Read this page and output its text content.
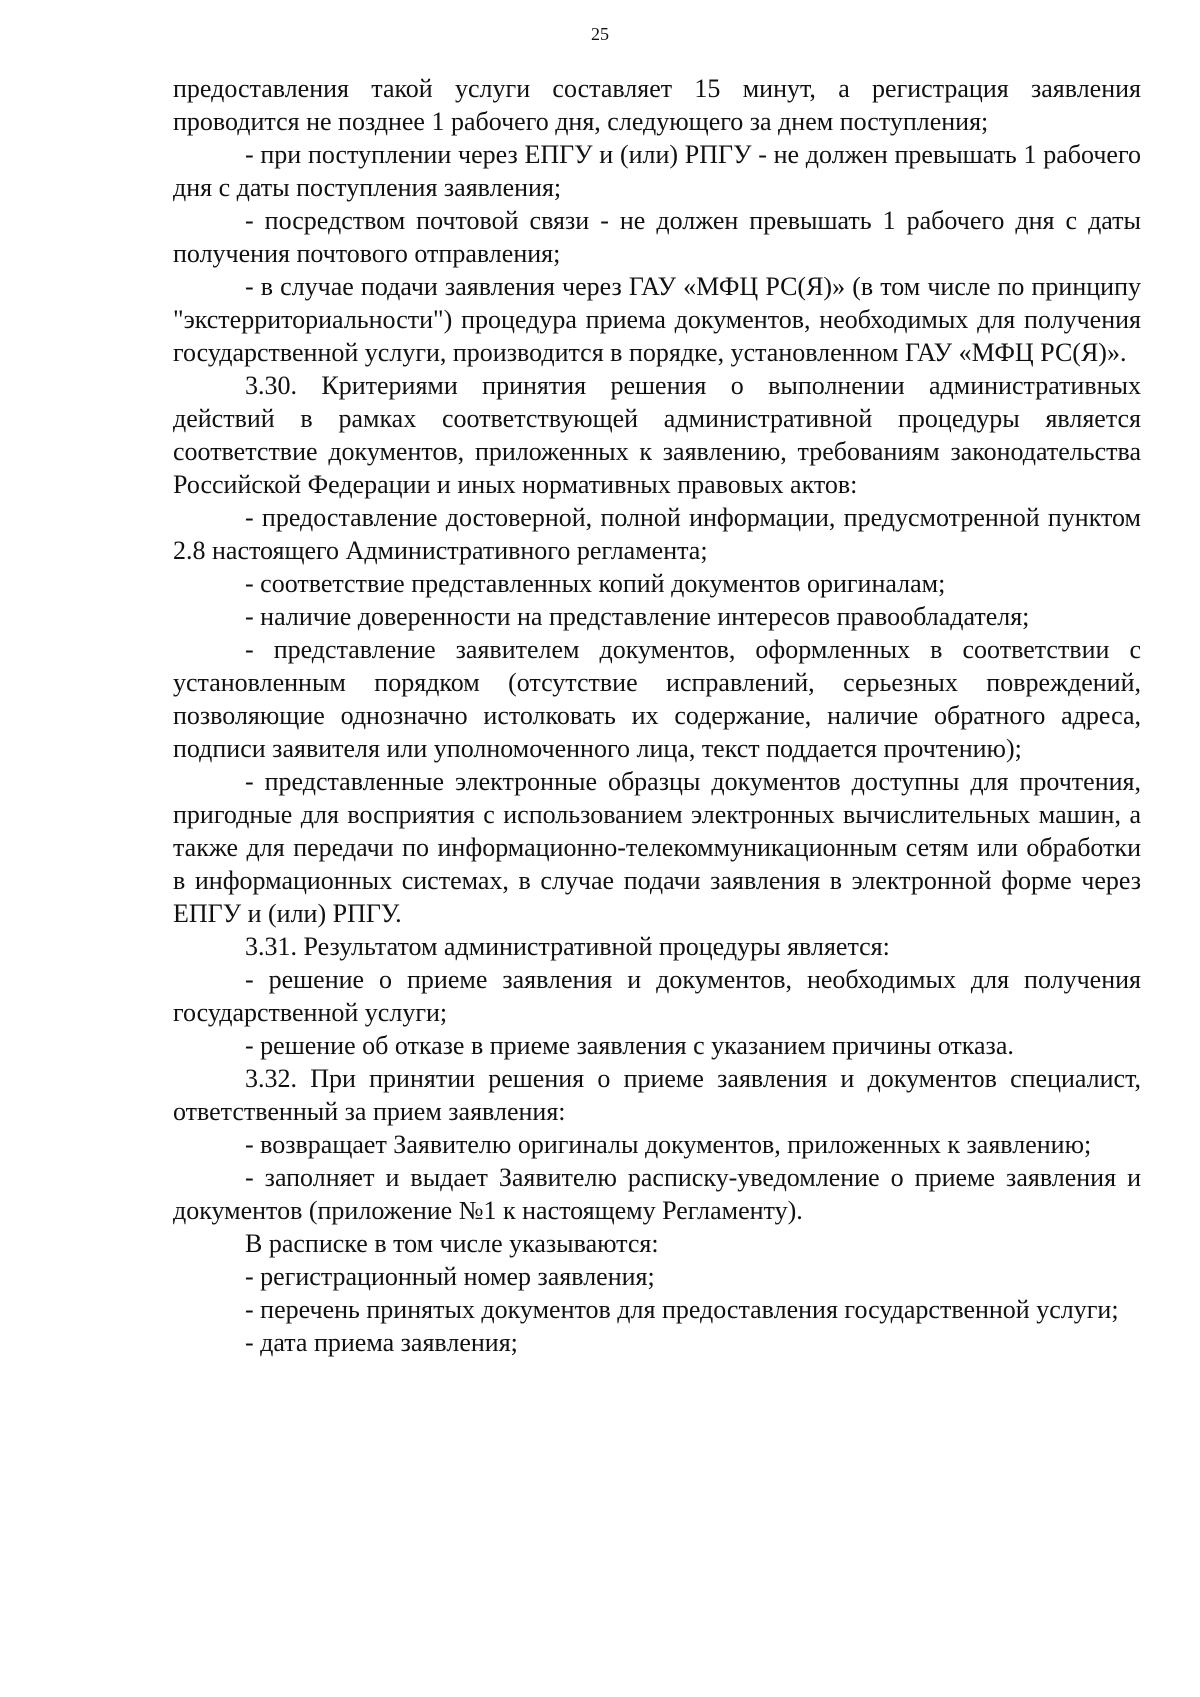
25

предоставления такой услуги составляет 15 минут, а регистрация заявления проводится не позднее 1 рабочего дня, следующего за днем поступления;

- при поступлении через ЕПГУ и (или) РПГУ - не должен превышать 1 рабочего дня с даты поступления заявления;

- посредством почтовой связи - не должен превышать 1 рабочего дня с даты получения почтового отправления;

- в случае подачи заявления через ГАУ «МФЦ РС(Я)» (в том числе по принципу "экстерриториальности") процедура приема документов, необходимых для получения государственной услуги, производится в порядке, установленном ГАУ «МФЦ РС(Я)».

3.30. Критериями принятия решения о выполнении административных действий в рамках соответствующей административной процедуры является соответствие документов, приложенных к заявлению, требованиям законодательства Российской Федерации и иных нормативных правовых актов:

- предоставление достоверной, полной информации, предусмотренной пунктом 2.8 настоящего Административного регламента;

- соответствие представленных копий документов оригиналам;

- наличие доверенности на представление интересов правообладателя;

- представление заявителем документов, оформленных в соответствии с установленным порядком (отсутствие исправлений, серьезных повреждений, позволяющие однозначно истолковать их содержание, наличие обратного адреса, подписи заявителя или уполномоченного лица, текст поддается прочтению);

- представленные электронные образцы документов доступны для прочтения, пригодные для восприятия с использованием электронных вычислительных машин, а также для передачи по информационно-телекоммуникационным сетям или обработки в информационных системах, в случае подачи заявления в электронной форме через ЕПГУ и (или) РПГУ.

3.31. Результатом административной процедуры является:

- решение о приеме заявления и документов, необходимых для получения государственной услуги;

- решение об отказе в приеме заявления с указанием причины отказа.

3.32. При принятии решения о приеме заявления и документов специалист, ответственный за прием заявления:

- возвращает Заявителю оригиналы документов, приложенных к заявлению;

- заполняет и выдает Заявителю расписку-уведомление о приеме заявления и документов (приложение №1 к настоящему Регламенту).

В расписке в том числе указываются:

- регистрационный номер заявления;

- перечень принятых документов для предоставления государственной услуги;

- дата приема заявления;
